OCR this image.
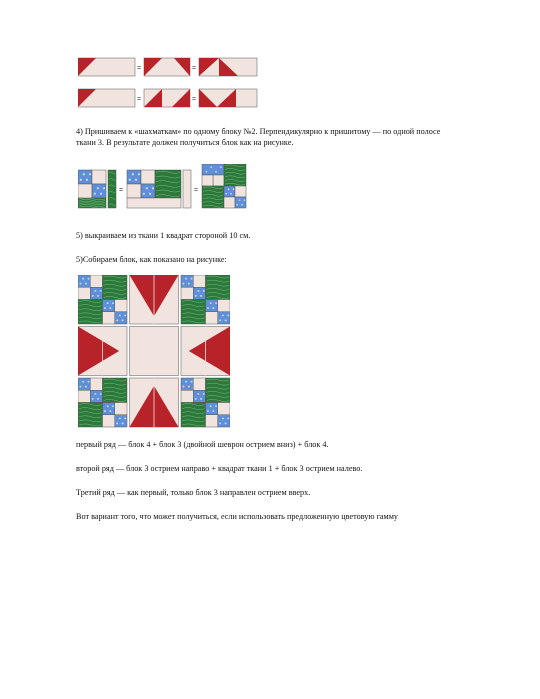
=	=
=	=
4) Пришиваем к «шахматкам» по одному блоку №2. Перпендикулярно к пришитому — по одной полосе
ткани 3. В результате должен получиться блок как на рисунке.
=	=
5) выкраиваем из ткани 1 квадрат стороной 10 см.
5)Собираем блок, как показано на рисунке:
первый ряд — блок 4 + блок 3 (двойной шеврон острием вниз) + блок 4.
второй ряд — блок 3 острием направо + квадрат ткани 1 + блок 3 острием налево.
Третий ряд — как первый, только блок 3 направлен острием вверх.
Вот вариант того, что может получиться, если использовать предложенную цветовую гамму
